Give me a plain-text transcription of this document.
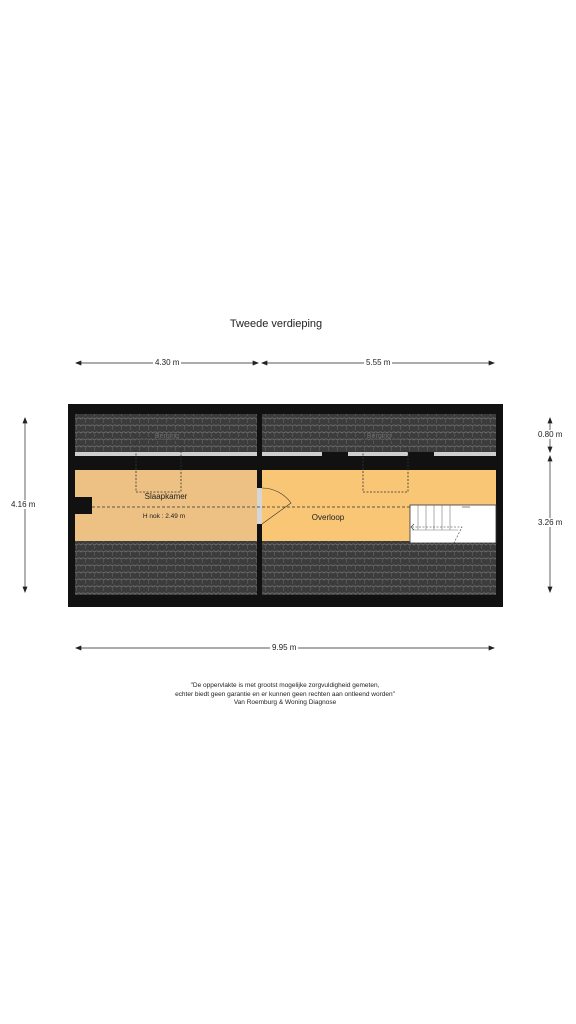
Tweede verdieping
Berging	Berging
Slaapkamer
H nok : 2.49 m	Overloop
4.30 m	5.55 m
9.95 m
4.16 m
0.80 m
3.26 m
"De oppervlakte is met grootst mogelijke zorgvuldigheid gemeten,
echter biedt geen garantie en er kunnen geen rechten aan ontleend worden"
Van Roemburg & Woning Diagnose
